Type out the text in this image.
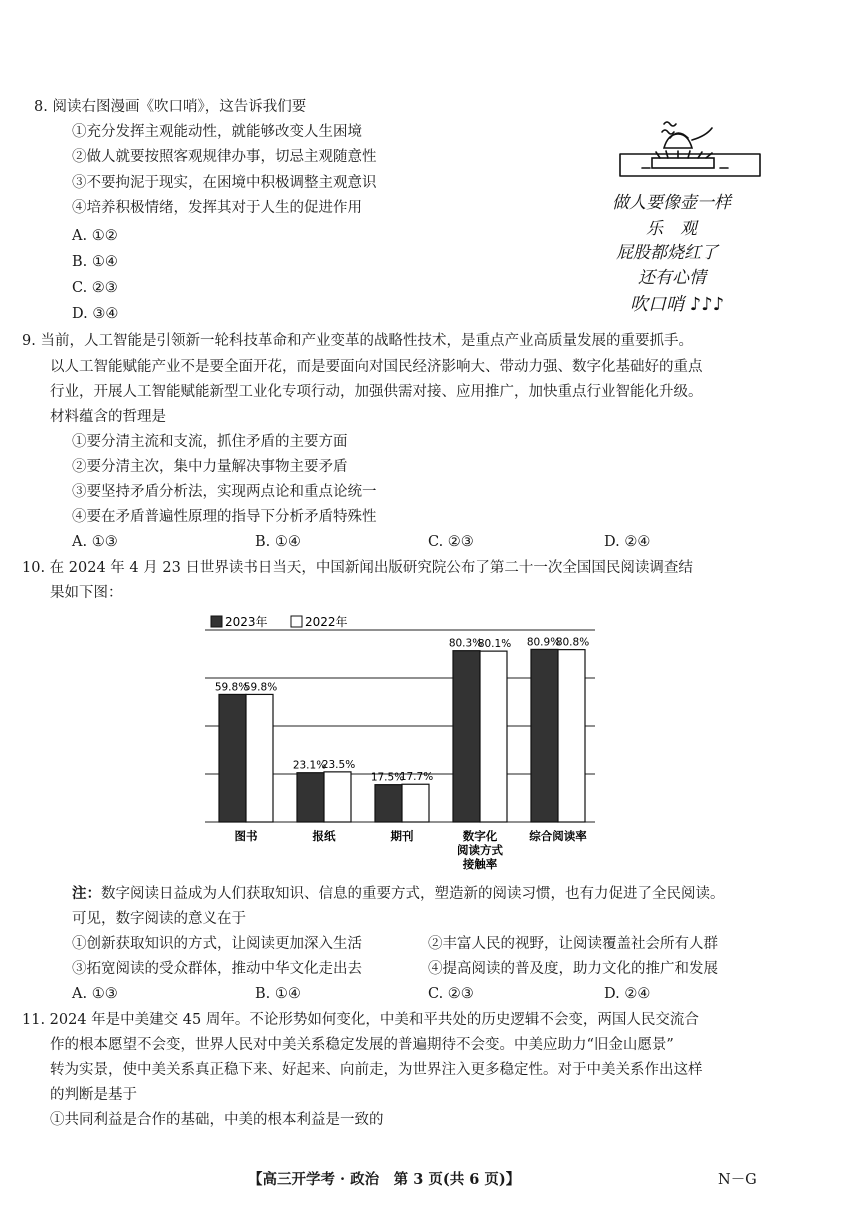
8. 阅读右图漫画《吹口哨》，这告诉我们要
①充分发挥主观能动性，就能够改变人生困境
②做人就要按照客观规律办事，切忌主观随意性
③不要拘泥于现实，在困境中积极调整主观意识
④培养积极情绪，发挥其对于人生的促进作用
A. ①②
B. ①④
C. ②③
D. ③④
做人要像壶一样
乐　观
屁股都烧红了
还有心情
吹口哨 ♪♪♪
9. 当前，人工智能是引领新一轮科技革命和产业变革的战略性技术，是重点产业高质量发展的重要抓手。
以人工智能赋能产业不是要全面开花，而是要面向对国民经济影响大、带动力强、数字化基础好的重点
行业，开展人工智能赋能新型工业化专项行动，加强供需对接、应用推广，加快重点行业智能化升级。
材料蕴含的哲理是
①要分清主流和支流，抓住矛盾的主要方面
②要分清主次，集中力量解决事物主要矛盾
③要坚持矛盾分析法，实现两点论和重点论统一
④要在矛盾普遍性原理的指导下分析矛盾特殊性
A. ①③	B. ①④	C. ②③	D. ②④
10. 在 2024 年 4 月 23 日世界读书日当天，中国新闻出版研究院公布了第二十一次全国国民阅读调查结
果如下图：
2023年	2022年
59.8%
59.8%
23.1%
23.5%
17.5%
17.7%
80.3%
80.1% 80.9%
80.8%
图书	报纸	期刊	数字化
阅读方式
接触率
综合阅读率
注：数字阅读日益成为人们获取知识、信息的重要方式，塑造新的阅读习惯，也有力促进了全民阅读。
可见，数字阅读的意义在于
①创新获取知识的方式，让阅读更加深入生活	②丰富人民的视野，让阅读覆盖社会所有人群
③拓宽阅读的受众群体，推动中华文化走出去	④提高阅读的普及度，助力文化的推广和发展
A. ①③	B. ①④	C. ②③	D. ②④
11. 2024 年是中美建交 45 周年。不论形势如何变化，中美和平共处的历史逻辑不会变，两国人民交流合
作的根本愿望不会变，世界人民对中美关系稳定发展的普遍期待不会变。中美应助力“旧金山愿景”
转为实景，使中美关系真正稳下来、好起来、向前走，为世界注入更多稳定性。对于中美关系作出这样
的判断是基于
①共同利益是合作的基础，中美的根本利益是一致的
【高三开学考 · 政治　第 3 页(共 6 页)】	N－G
